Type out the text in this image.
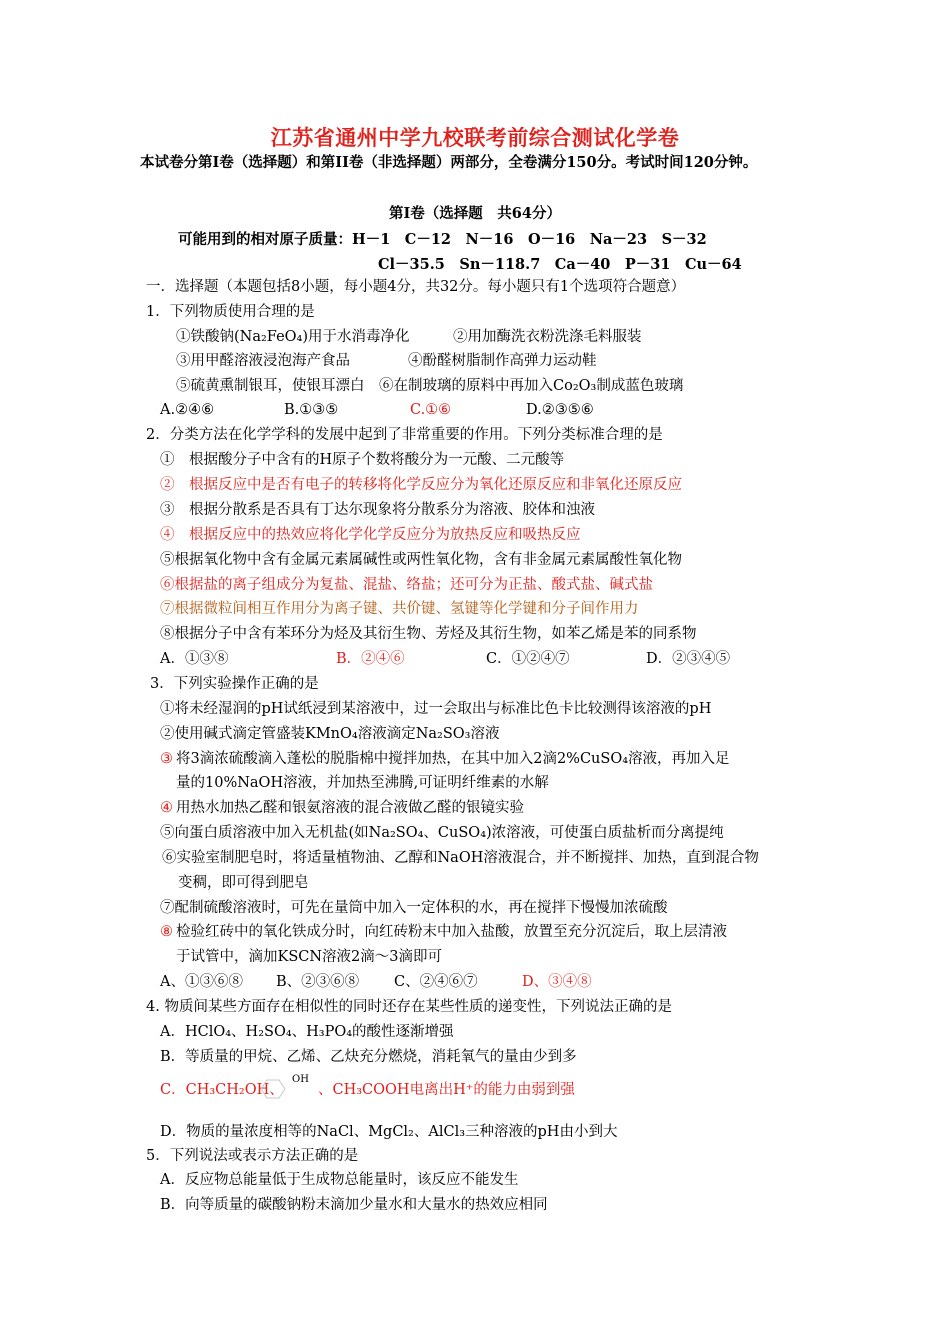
江苏省通州中学九校联考前综合测试化学卷
本试卷分第Ⅰ卷（选择题）和第II卷（非选择题）两部分，全卷满分150分。考试时间120分钟。
第Ⅰ卷（选择题　共64分）
可能用到的相对原子质量：H－1　C－12　N－16　O－16　Na－23　S－32
Cl－35.5　Sn－118.7　Ca－40　P－31　Cu－64
一．选择题（本题包括8小题，每小题4分，共32分。每小题只有1个选项符合题意）
1．下列物质使用合理的是
①铁酸钠(Na₂FeO₄)用于水消毒净化　　　②用加酶洗衣粉洗涤毛料服装
③用甲醛溶液浸泡海产食品　　　　④酚醛树脂制作高弹力运动鞋
⑤硫黄熏制银耳，使银耳漂白　⑥在制玻璃的原料中再加入Co₂O₃制成蓝色玻璃
A.②④⑥	B.①③⑤	C.①⑥	D.②③⑤⑥
2．分类方法在化学学科的发展中起到了非常重要的作用。下列分类标准合理的是
①　根据酸分子中含有的H原子个数将酸分为一元酸、二元酸等
②　根据反应中是否有电子的转移将化学反应分为氧化还原反应和非氧化还原反应
③　根据分散系是否具有丁达尔现象将分散系分为溶液、胶体和浊液
④　根据反应中的热效应将化学化学反应分为放热反应和吸热反应
⑤根据氧化物中含有金属元素属碱性或两性氧化物，含有非金属元素属酸性氧化物
⑥根据盐的离子组成分为复盐、混盐、络盐；还可分为正盐、酸式盐、碱式盐
⑦根据微粒间相互作用分为离子键、共价键、氢键等化学键和分子间作用力
⑧根据分子中含有苯环分为烃及其衍生物、芳烃及其衍生物，如苯乙烯是苯的同系物
A．①③⑧	B．②④⑥	C．①②④⑦	D．②③④⑤
3．下列实验操作正确的是
①将未经湿润的pH试纸浸到某溶液中，过一会取出与标准比色卡比较测得该溶液的pH
②使用碱式滴定管盛装KMnO₄溶液滴定Na₂SO₃溶液
③ 将3滴浓硫酸滴入蓬松的脱脂棉中搅拌加热，在其中加入2滴2%CuSO₄溶液，再加入足
量的10%NaOH溶液，并加热至沸腾,可证明纤维素的水解
④ 用热水加热乙醛和银氨溶液的混合液做乙醛的银镜实验
⑤向蛋白质溶液中加入无机盐(如Na₂SO₄、CuSO₄)浓溶液，可使蛋白质盐析而分离提纯
⑥实验室制肥皂时，将适量植物油、乙醇和NaOH溶液混合，并不断搅拌、加热，直到混合物
变稠，即可得到肥皂
⑦配制硫酸溶液时，可先在量筒中加入一定体积的水，再在搅拌下慢慢加浓硫酸
⑧ 检验红砖中的氧化铁成分时，向红砖粉末中加入盐酸，放置至充分沉淀后，取上层清液
于试管中，滴加KSCN溶液2滴～3滴即可
A、①③⑥⑧ B、②③⑥⑧ C、②④⑥⑦	D、③④⑧
4. 物质间某些方面存在相似性的同时还存在某些性质的递变性，下列说法正确的是
A．HClO₄、H₂SO₄、H₃PO₄的酸性逐渐增强
B．等质量的甲烷、乙烯、乙炔充分燃烧，消耗氧气的量由少到多
C．CH₃CH₂OH、
OH
、CH₃COOH电离出H⁺的能力由弱到强
D．物质的量浓度相等的NaCl、MgCl₂、AlCl₃三种溶液的pH由小到大
5．下列说法或表示方法正确的是
A．反应物总能量低于生成物总能量时，该反应不能发生
B．向等质量的碳酸钠粉末滴加少量水和大量水的热效应相同
